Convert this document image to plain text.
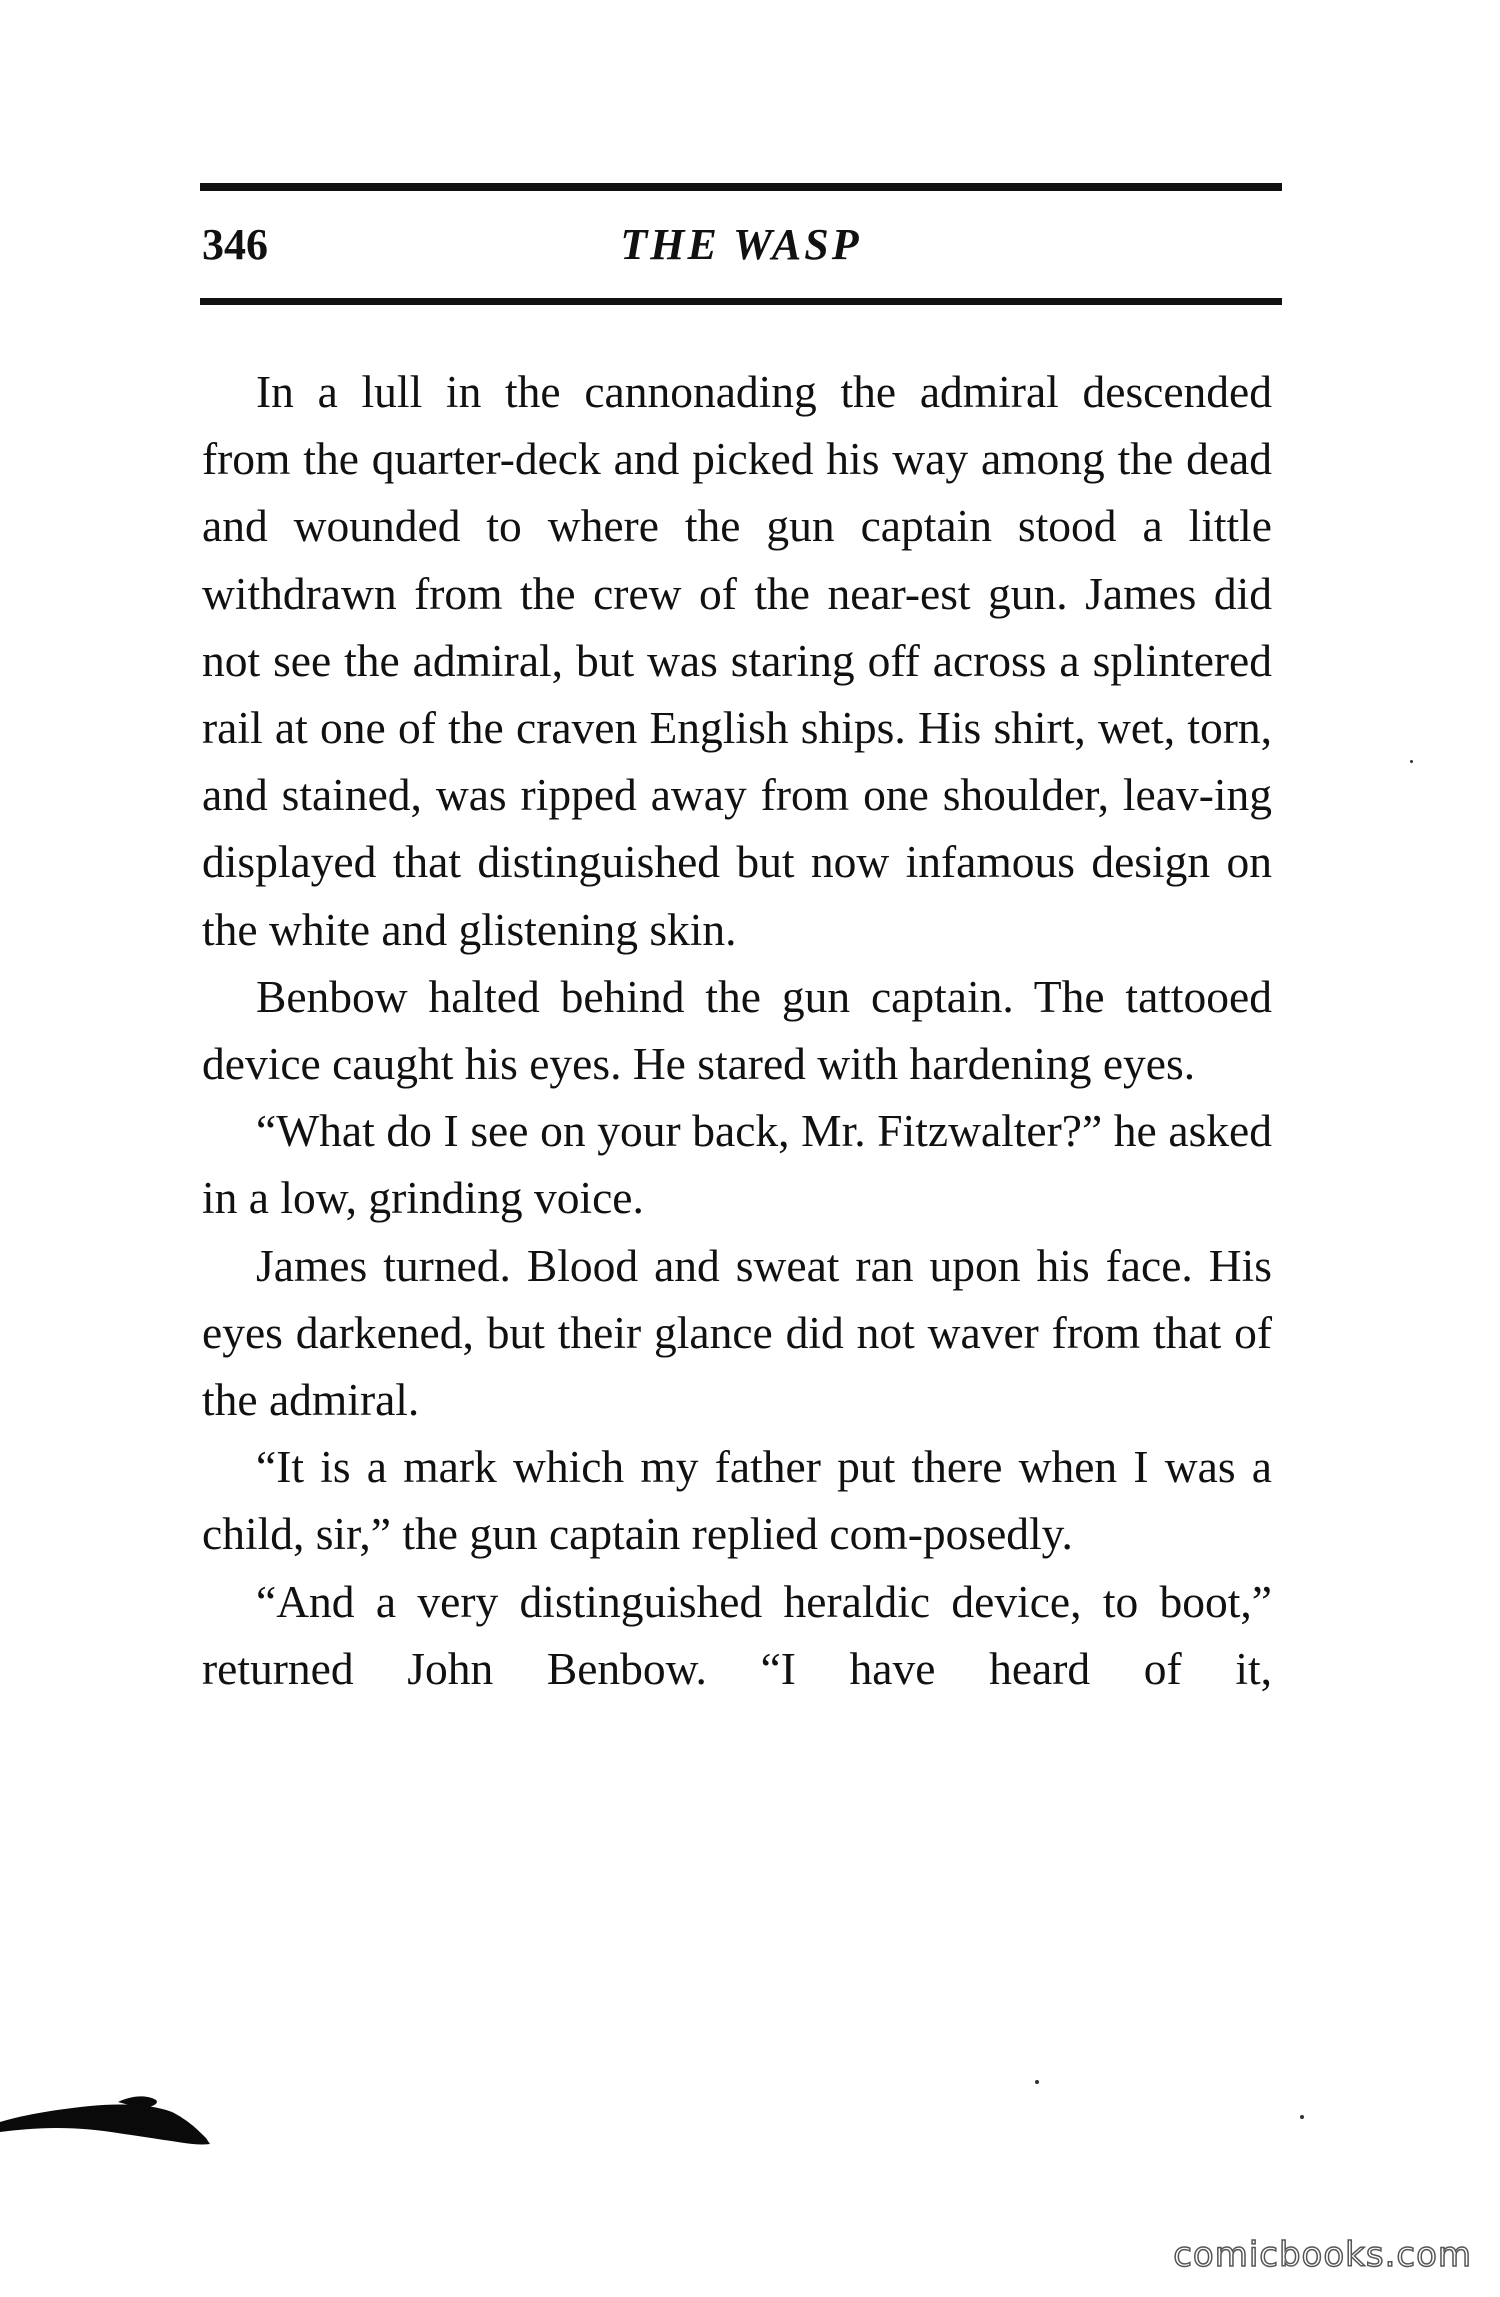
346	THE WASP

In a lull in the cannonading the admiral descended from the quarter-deck and picked his way among the dead and wounded to where the gun captain stood a little withdrawn from the crew of the near-est gun. James did not see the admiral, but was staring off across a splintered rail at one of the craven English ships. His shirt, wet, torn, and stained, was ripped away from one shoulder, leav-ing displayed that distinguished but now infamous design on the white and glistening skin.

Benbow halted behind the gun captain. The tattooed device caught his eyes. He stared with hardening eyes.

“What do I see on your back, Mr. Fitzwalter?” he asked in a low, grinding voice.

James turned. Blood and sweat ran upon his face. His eyes darkened, but their glance did not waver from that of the admiral.

“It is a mark which my father put there when I was a child, sir,” the gun captain replied com-posedly.

“And a very distinguished heraldic device, to boot,” returned John Benbow. “I have heard of it,

comicbooks.com
